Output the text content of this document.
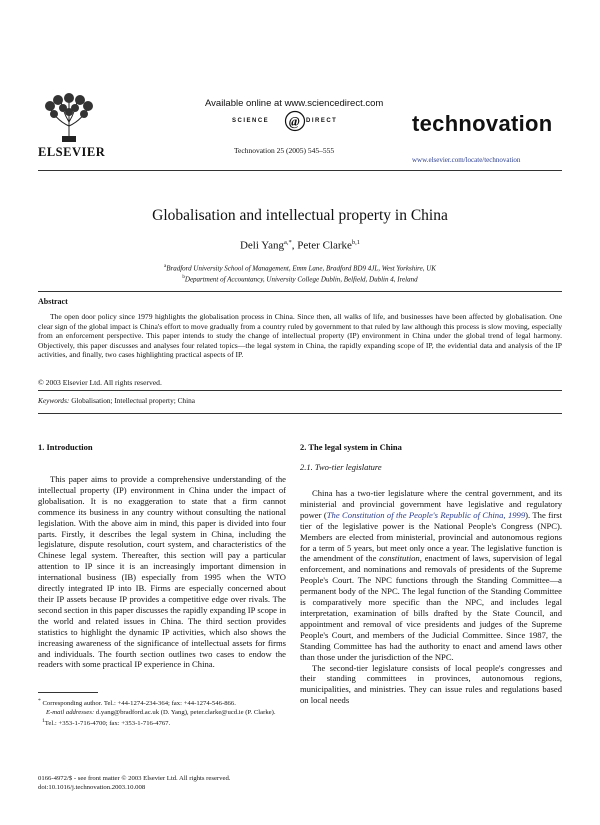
ELSEVIER
Available online at www.sciencedirect.com
SCIENCE @ DIRECT
Technovation 25 (2005) 545–555
technovation
www.elsevier.com/locate/technovation
Globalisation and intellectual property in China
Deli Yang$^{a,*}$, Peter Clarke$^{b,1}$
$^a$Bradford University School of Management, Emm Lane, Bradford BD9 4JL, West Yorkshire, UK
$^b$Department of Accountancy, University College Dublin, Belfield, Dublin 4, Ireland
Abstract
The open door policy since 1979 highlights the globalisation process in China. Since then, all walks of life, and businesses have been affected by globalisation. One clear sign of the global impact is China's effort to move gradually from a country ruled by government to that ruled by law although this process is slow moving, especially from an enforcement perspective. This paper intends to study the change of intellectual property (IP) environment in China under the global trend of legal harmony. Objectively, this paper discusses and analyses four related topics—the legal system in China, the rapidly expanding scope of IP, the evidential data and analysis of the IP activities, and finally, two cases highlighting practical aspects of IP.
© 2003 Elsevier Ltd. All rights reserved.
Keywords: Globalisation; Intellectual property; China
1. Introduction

This paper aims to provide a comprehensive understanding of the intellectual property (IP) environment in China under the impact of globalisation. It is no exaggeration to state that a firm cannot commence its business in any country without consulting the national legislation. With the above aim in mind, this paper is divided into four parts. Firstly, it describes the legal system in China, including the legislature, dispute resolution, court system, and characteristics of the Chinese legal system. Thereafter, this section will pay a particular attention to IP since it is an increasingly important dimension in international business (IB) especially from 1995 when the WTO directly integrated IP into IB. Firms are especially concerned about their IP assets because IP provides a competitive edge over rivals. The second section in this paper discusses the rapidly expanding IP scope in the world and related issues in China. The third section provides statistics to highlight the dynamic IP activities, which also shows the increasing awareness of the significance of intellectual assets for firms and individuals. The fourth section outlines two cases to endow the readers with some practical IP experience in China.

* Corresponding author. Tel.: +44-1274-234-364; fax: +44-1274-546-866.

E-mail addresses: d.yang@bradford.ac.uk (D. Yang), peter.clarke@ucd.ie (P. Clarke).

$^1$Tel.: +353-1-716-4700; fax: +353-1-716-4767.

0166-4972/$ - see front matter © 2003 Elsevier Ltd. All rights reserved.

doi:10.1016/j.technovation.2003.10.008

2. The legal system in China
2.1. Two-tier legislature

China has a two-tier legislature where the central government, and its ministerial and provincial government have legislative and regulatory power (The Constitution of the People's Republic of China, 1999). The first tier of the legislative power is the National People's Congress (NPC). Members are elected from ministerial, provincial and autonomous regions for a term of 5 years, but meet only once a year. The legislative function is the amendment of the constitution, enactment of laws, supervision of legal enforcement, and nominations and removals of presidents of the Supreme People's Court. The NPC functions through the Standing Committee—a permanent body of the NPC. The legal function of the Standing Committee is comparatively more specific than the NPC, and includes legal interpretation, examination of bills drafted by the State Council, and appointment and removal of vice presidents and judges of the Supreme People's Court, and members of the Judicial Committee. Since 1987, the Standing Committee has had the authority to enact and amend laws other than those under the jurisdiction of the NPC.

The second-tier legislature consists of local people's congresses and their standing committees in provinces, autonomous regions, municipalities, and ministries. They can issue rules and regulations based on local needs
